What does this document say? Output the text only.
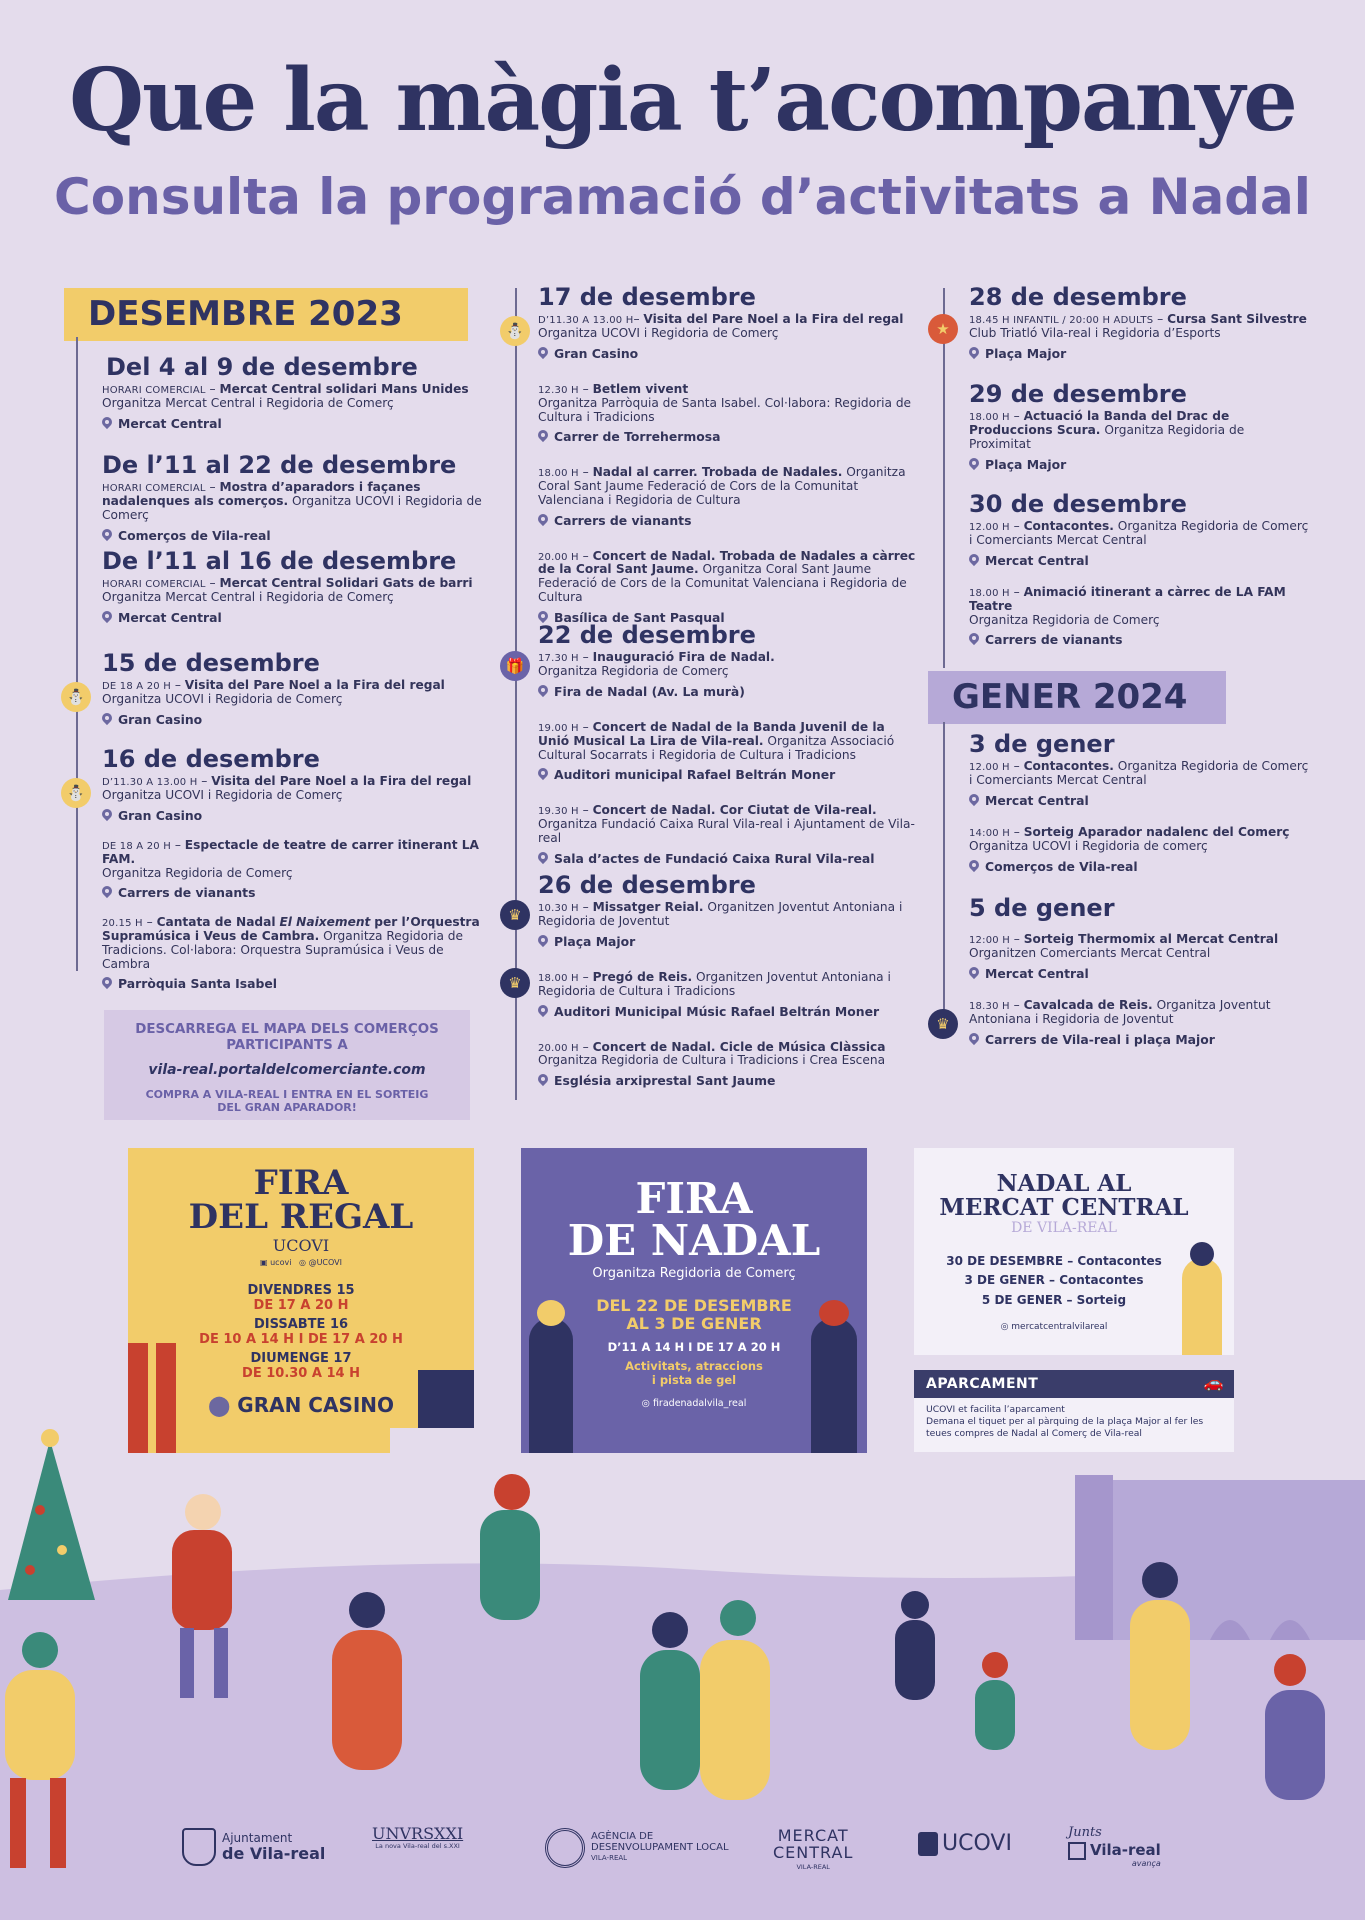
Que la màgia t’acompanye
Consulta la programació d’activitats a Nadal
DESEMBRE 2023
GENER 2024

Del 4 al 9 de desembre

HORARI COMERCIAL – Mercat Central solidari Mans Unides
Organitza Mercat Central i Regidoria de Comerç

Mercat Central

De l’11 al 22 de desembre

HORARI COMERCIAL – Mostra d’aparadors i façanes nadalenques als comerços. Organitza UCOVI i Regidoria de Comerç

Comerços de Vila-real

De l’11 al 16 de desembre

HORARI COMERCIAL – Mercat Central Solidari Gats de barri
Organitza Mercat Central i Regidoria de Comerç

Mercat Central

⛄

15 de desembre

DE 18 A 20 H – Visita del Pare Noel a la Fira del regal
Organitza UCOVI i Regidoria de Comerç

Gran Casino

⛄

16 de desembre

D’11.30 A 13.00 H – Visita del Pare Noel a la Fira del regal
Organitza UCOVI i Regidoria de Comerç

Gran Casino

DE 18 A 20 H – Espectacle de teatre de carrer itinerant LA FAM.
Organitza Regidoria de Comerç

Carrers de vianants

20.15 H – Cantata de Nadal El Naixement per l’Orquestra Supramúsica i Veus de Cambra. Organitza Regidoria de Tradicions. Col·labora: Orquestra Supramúsica i Veus de Cambra

Parròquia Santa Isabel

DESCARREGA EL MAPA DELS COMERÇOS PARTICIPANTS A
vila-real.portaldelcomerciante.com
COMPRA A VILA-REAL I ENTRA EN EL SORTEIG DEL GRAN APARADOR!
⛄

17 de desembre

D’11.30 A 13.00 H– Visita del Pare Noel a la Fira del regal
Organitza UCOVI i Regidoria de Comerç

Gran Casino

12.30 H – Betlem vivent
Organitza Parròquia de Santa Isabel. Col·labora: Regidoria de Cultura i Tradicions

Carrer de Torrehermosa

18.00 H – Nadal al carrer. Trobada de Nadales. Organitza Coral Sant Jaume Federació de Cors de la Comunitat Valenciana i Regidoria de Cultura

Carrers de vianants

20.00 H – Concert de Nadal. Trobada de Nadales a càrrec de la Coral Sant Jaume. Organitza Coral Sant Jaume Federació de Cors de la Comunitat Valenciana i Regidoria de Cultura

Basílica de Sant Pasqual

🎁

22 de desembre

17.30 H – Inauguració Fira de Nadal.
Organitza Regidoria de Comerç

Fira de Nadal (Av. La murà)

19.00 H – Concert de Nadal de la Banda Juvenil de la Unió Musical La Lira de Vila-real. Organitza Associació Cultural Socarrats i Regidoria de Cultura i Tradicions

Auditori municipal Rafael Beltrán Moner

19.30 H – Concert de Nadal. Cor Ciutat de Vila-real. Organitza Fundació Caixa Rural Vila-real i Ajuntament de Vila-real

Sala d’actes de Fundació Caixa Rural Vila-real

♛
♛

26 de desembre

10.30 H – Missatger Reial. Organitzen Joventut Antoniana i Regidoria de Joventut

Plaça Major

18.00 H – Pregó de Reis. Organitzen Joventut Antoniana i Regidoria de Cultura i Tradicions

Auditori Municipal Músic Rafael Beltrán Moner

20.00 H – Concert de Nadal. Cicle de Música Clàssica
Organitza Regidoria de Cultura i Tradicions i Crea Escena

Església arxiprestal Sant Jaume

★

28 de desembre

18.45 H INFANTIL / 20:00 H ADULTS – Cursa Sant Silvestre
Club Triatló Vila-real i Regidoria d’Esports

Plaça Major

29 de desembre

18.00 H – Actuació la Banda del Drac de Produccions Scura. Organitza Regidoria de Proximitat

Plaça Major

30 de desembre

12.00 H – Contacontes. Organitza Regidoria de Comerç i Comerciants Mercat Central

Mercat Central

18.00 H – Animació itinerant a càrrec de LA FAM Teatre
Organitza Regidoria de Comerç

Carrers de vianants

3 de gener

12.00 H – Contacontes. Organitza Regidoria de Comerç i Comerciants Mercat Central

Mercat Central

14:00 H – Sorteig Aparador nadalenc del Comerç
Organitza UCOVI i Regidoria de comerç

Comerços de Vila-real

♛

5 de gener

12:00 H – Sorteig Thermomix al Mercat Central
Organitzen Comerciants Mercat Central

Mercat Central

18.30 H – Cavalcada de Reis. Organitza Joventut Antoniana i Regidoria de Joventut

Carrers de Vila-real i plaça Major

FIRA
DEL REGAL
UCOVI
▣ ucovi   ◎ @UCOVI
DIVENDRES 15
DE 17 A 20 H
DISSABTE 16
DE 10 A 14 H I DE 17 A 20 H
DIUMENGE 17
DE 10.30 A 14 H
⬤ GRAN CASINO
FIRA
DE NADAL
Organitza Regidoria de Comerç
DEL 22 DE DESEMBRE
AL 3 DE GENER
D’11 A 14 H I DE 17 A 20 H
Activitats, atraccions
i pista de gel
◎ firadenadalvila_real
NADAL AL
MERCAT CENTRAL
DE VILA-REAL
30 DE DESEMBRE – Contacontes
3 DE GENER – Contacontes
5 DE GENER – Sorteig
◎ mercatcentralvilareal
APARCAMENT	🚗
UCOVI et facilita l’aparcament
Demana el tiquet per al pàrquing de la plaça Major al fer les teues compres de Nadal al Comerç de Vila-real
Ajuntament
de Vila-real
UNVRSXXI
La nova Vila-real del s.XXI
AGÈNCIA DE
DESENVOLUPAMENT LOCAL
VILA-REAL
MERCAT
CENTRAL
VILA-REAL
UCOVI	Junts
Vila-real
avança
